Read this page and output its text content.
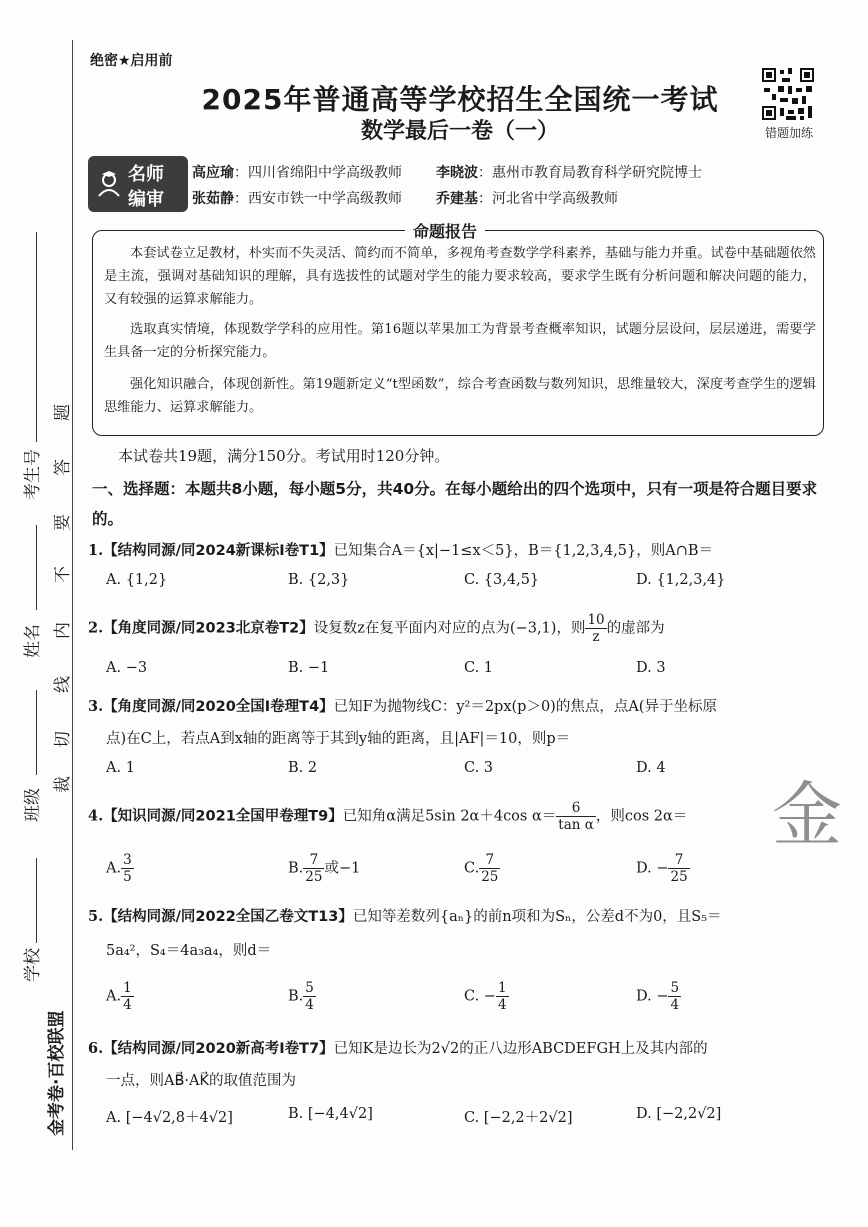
学校
班级
姓名
考生号
金考卷·百校联盟
题
答
要
不
内
线
切
裁
绝密★启用前
2025年普通高等学校招生全国统一考试
数学最后一卷（一）	错题加练
名师
编审
高应瑜：四川省绵阳中学高级教师 李晓波：惠州市教育局教育科学研究院博士
张茹静：西安市铁一中学高级教师 乔建基：河北省中学高级教师
命题报告
本套试卷立足教材，朴实而不失灵活、简约而不简单，多视角考查数学学科素养，基础与能力并重。试卷中基础题依然是主流，强调对基础知识的理解，具有选拔性的试题对学生的能力要求较高，要求学生既有分析问题和解决问题的能力，又有较强的运算求解能力。
选取真实情境，体现数学学科的应用性。第16题以苹果加工为背景考查概率知识，试题分层设问，层层递进，需要学生具备一定的分析探究能力。
强化知识融合，体现创新性。第19题新定义“t型函数”，综合考查函数与数列知识，思维量较大，深度考查学生的逻辑思维能力、运算求解能力。
本试卷共19题，满分150分。考试用时120分钟。
一、选择题：本题共8小题，每小题5分，共40分。在每小题给出的四个选项中，只有一项是符合题目要求的。
1.【结构同源/同2024新课标Ⅰ卷T1】已知集合A＝{x|−1≤x＜5}，B＝{1,2,3,4,5}，则A∩B＝
A. {1,2}	B. {2,3}	C. {3,4,5}	D. {1,2,3,4}
2.【角度同源/同2023北京卷T2】设复数z在复平面内对应的点为(−3,1)，则 $\frac{10}{z}$ 的虚部为
A. −3	B. −1	C. 1	D. 3
3.【角度同源/同2020全国Ⅰ卷理T4】已知F为抛物线C：y²＝2px(p＞0)的焦点，点A(异于坐标原
点)在C上，若点A到x轴的距离等于其到y轴的距离，且|AF|＝10，则p＝
A. 1	B. 2	C. 3	D. 4
4.【知识同源/同2021全国甲卷理T9】已知角α满足5sin 2α＋4cos $\alpha= \frac{6}{\text{tan α}}$ ，则cos 2α＝
A. $\frac{3}{5}$	B. $\frac{7}{25}$ 或−1	C. $\frac{7}{25}$	D. − $\frac{7}{25}$
金
5.【结构同源/同2022全国乙卷文T13】已知等差数列{aₙ}的前n项和为Sₙ，公差d不为0，且S₅＝
5a₄²，S₄＝4a₃a₄，则d＝
A. $\frac{1}{4}$	B. $\frac{5}{4}$	C. − $\frac{1}{4}$	D. − $\frac{5}{4}$
6.【结构同源/同2020新高考Ⅰ卷T7】已知K是边长为2√2的正八边形ABCDEFGH上及其内部的
一点，则AB⃗·AK⃗的取值范围为
A. [−4√2,8＋4√2]	B. [−4,4√2]	C. [−2,2＋2√2]	D. [−2,2√2]
